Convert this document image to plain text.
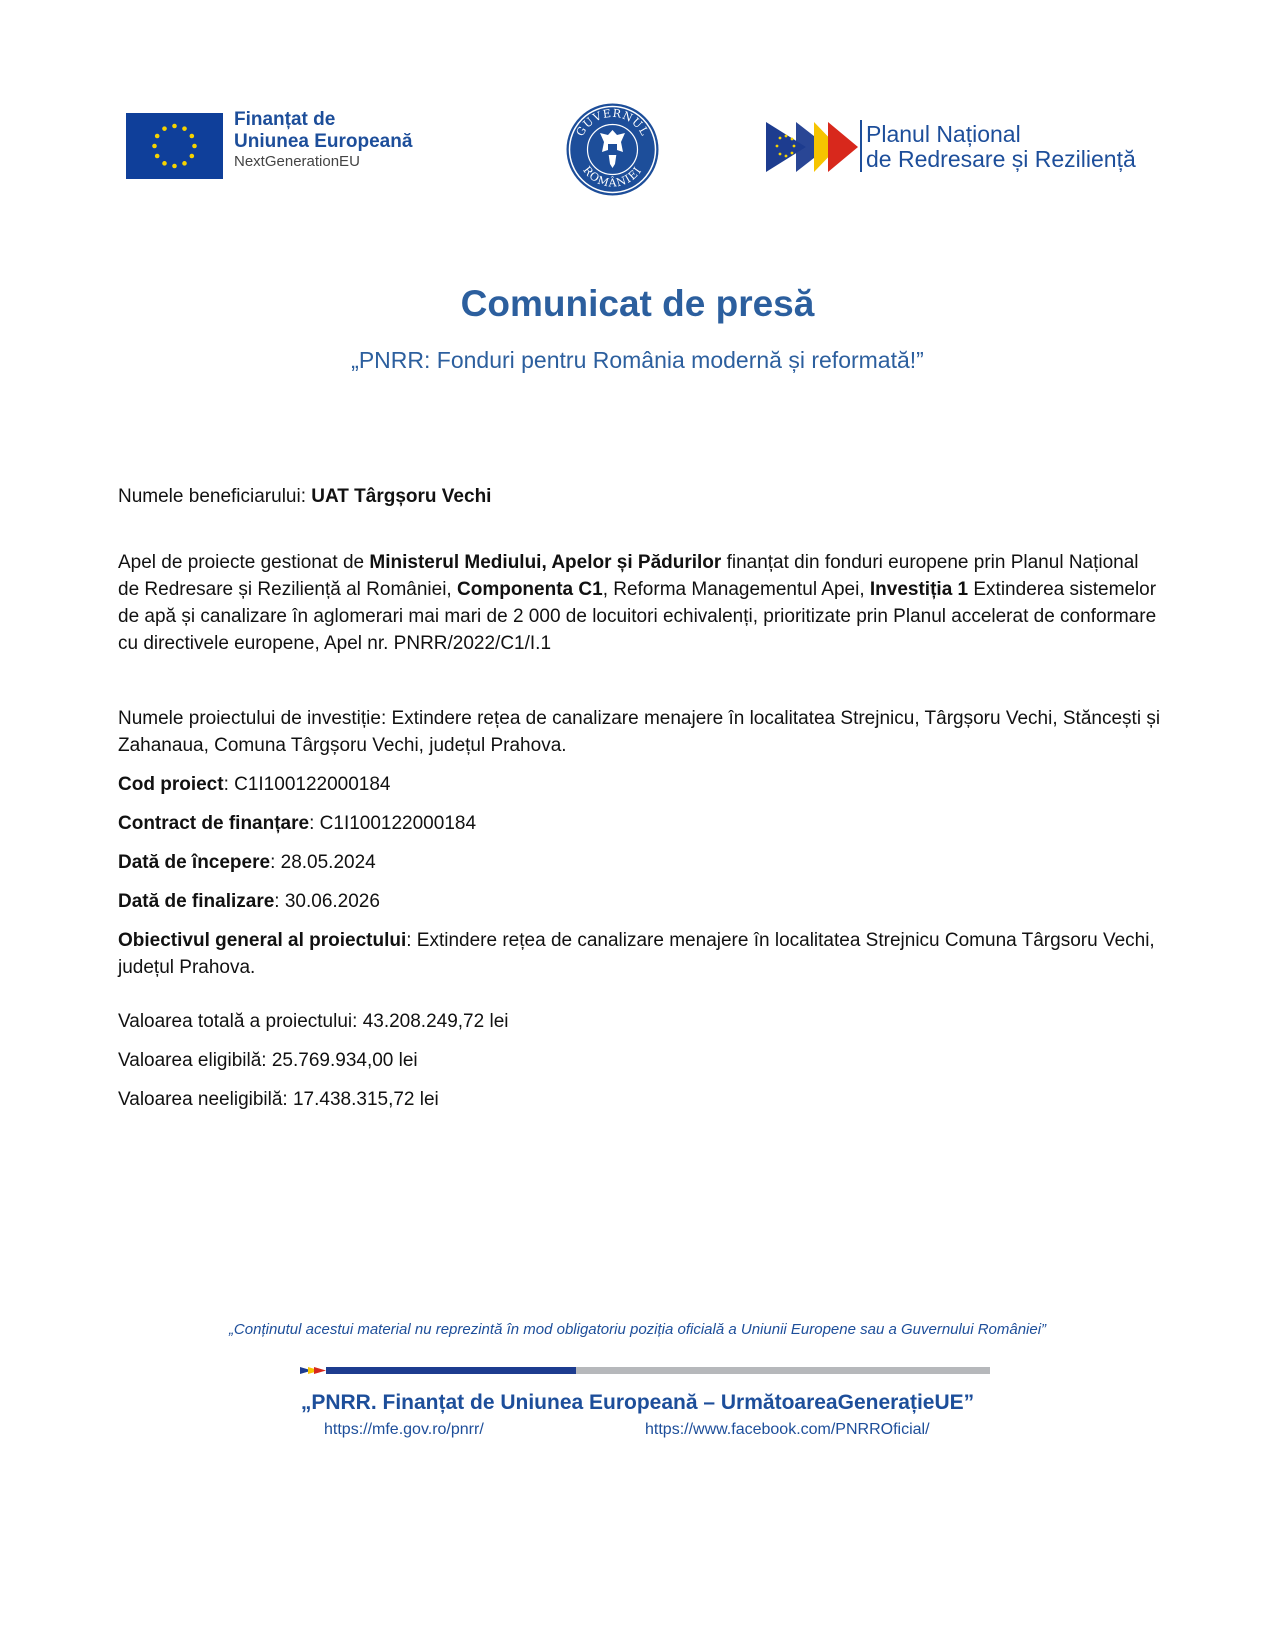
Finanțat de
Uniunea Europeană
NextGenerationEU
GUVERNUL
ROMÂNIEI
Planul Național
de Redresare și Reziliență
Comunicat de presă
„PNRR: Fonduri pentru România modernă și reformată!”
Numele beneficiarului: UAT Târgșoru Vechi
Apel de proiecte gestionat de Ministerul Mediului, Apelor și Pădurilor finanțat din fonduri europene prin Planul Național de Redresare și Reziliență al României, Componenta C1, Reforma Managementul Apei, Investiția 1 Extinderea sistemelor de apă și canalizare în aglomerari mai mari de 2 000 de locuitori echivalenți, prioritizate prin Planul accelerat de conformare cu directivele europene, Apel nr. PNRR/2022/C1/I.1
Numele proiectului de investiție: Extindere rețea de canalizare menajere în localitatea Strejnicu, Târgșoru Vechi, Stăncești și Zahanaua, Comuna Târgșoru Vechi, județul Prahova.
Cod proiect: C1I100122000184
Contract de finanțare: C1I100122000184
Dată de începere: 28.05.2024
Dată de finalizare: 30.06.2026
Obiectivul general al proiectului: Extindere rețea de canalizare menajere în localitatea Strejnicu Comuna Târgsoru Vechi, județul Prahova.
Valoarea totală a proiectului: 43.208.249,72 lei
Valoarea eligibilă: 25.769.934,00 lei
Valoarea neeligibilă: 17.438.315,72 lei
„Conținutul acestui material nu reprezintă în mod obligatoriu poziția oficială a Uniunii Europene sau a Guvernului României”
„PNRR. Finanțat de Uniunea Europeană – UrmătoareaGenerațieUE”
https://mfe.gov.ro/pnrr/	https://www.facebook.com/PNRROficial/
